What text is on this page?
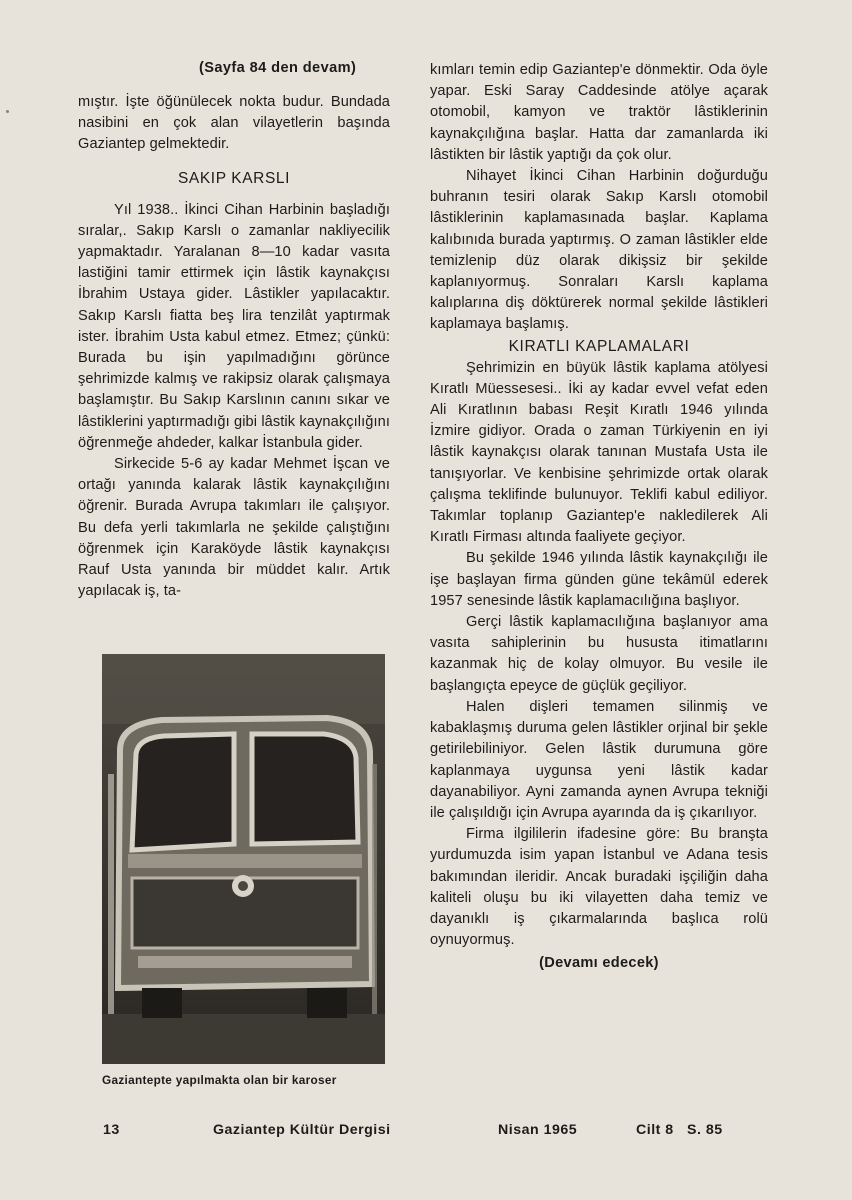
(Sayfa 84 den devam)

mıştır. İşte öğünülecek nokta budur. Bundada nasibini en çok alan vilayetlerin başında Gaziantep gelmektedir.

SAKIP KARSLI

Yıl 1938.. İkinci Cihan Harbinin başladığı sıralar,. Sakıp Karslı o zamanlar nakliyecilik yapmaktadır. Yaralanan 8—10 kadar vasıta lastiğini tamir ettirmek için lâstik kaynakçısı İbrahim Ustaya gider. Lâstikler yapılacaktır. Sakıp Karslı fiatta beş lira tenzilât yaptırmak ister. İbrahim Usta kabul etmez. Etmez; çünkü: Burada bu işin yapılmadığını görünce şehrimizde kalmış ve rakipsiz olarak çalışmaya başlamıştır. Bu Sakıp Karslının canını sıkar ve lâstiklerini yaptırmadığı gibi lâstik kaynakçılığını öğrenmeğe ahdeder, kalkar İstanbula gider.

Sirkecide 5-6 ay kadar Mehmet İşcan ve ortağı yanında kalarak lâstik kaynakçılığını öğrenir. Burada Avrupa takımları ile çalışıyor. Bu defa yerli takımlarla ne şekilde çalıştığını öğrenmek için Karaköyde lâstik kaynakçısı Rauf Usta yanında bir müddet kalır. Artık yapılacak iş, ta-

Gaziantepte yapılmakta olan bir karoser

kımları temin edip Gaziantep'e dönmektir. Oda öyle yapar. Eski Saray Caddesinde atölye açarak otomobil, kamyon ve traktör lâstiklerinin kaynakçılığına başlar. Hatta dar zamanlarda iki lâstikten bir lâstik yaptığı da çok olur.

Nihayet İkinci Cihan Harbinin doğurduğu buhranın tesiri olarak Sakıp Karslı otomobil lâstiklerinin kaplamasınada başlar. Kaplama kalıbınıda burada yaptırmış. O zaman lâstikler elde temizlenip düz olarak dikişsiz bir şekilde kaplanıyormuş. Sonraları Karslı kaplama kalıplarına diş döktürerek normal şekilde lâstikleri kaplamaya başlamış.

KIRATLI KAPLAMALARI

Şehrimizin en büyük lâstik kaplama atölyesi Kıratlı Müessesesi.. İki ay kadar evvel vefat eden Ali Kıratlının babası Reşit Kıratlı 1946 yılında İzmire gidiyor. Orada o zaman Türkiyenin en iyi lâstik kaynakçısı olarak tanınan Mustafa Usta ile tanışıyorlar. Ve kenbisine şehrimizde ortak olarak çalışma teklifinde bulunuyor. Teklifi kabul ediliyor. Takımlar toplanıp Gaziantep'e nakledilerek Ali Kıratlı Firması altında faaliyete geçiyor.

Bu şekilde 1946 yılında lâstik kaynakçılığı ile işe başlayan firma günden güne tekâmül ederek 1957 senesinde lâstik kaplamacılığına başlıyor.

Gerçi lâstik kaplamacılığına başlanıyor ama vasıta sahiplerinin bu hususta itimatlarını kazanmak hiç de kolay olmuyor. Bu vesile ile başlangıçta epeyce de güçlük geçiliyor.

Halen dişleri temamen silinmiş ve kabaklaşmış duruma gelen lâstikler orjinal bir şekle getirilebiliniyor. Gelen lâstik durumuna göre kaplanmaya uygunsa yeni lâstik kadar dayanabiliyor. Ayni zamanda aynen Avrupa tekniği ile çalışıldığı için Avrupa ayarında da iş çıkarılıyor.

Firma ilgililerin ifadesine göre: Bu branşta yurdumuzda isim yapan İstanbul ve Adana tesis bakımından ileridir. Ancak buradaki işçiliğin daha kaliteli oluşu bu iki vilayetten daha temiz ve dayanıklı iş çıkarmalarında başlıca rolü oynuyormuş.

(Devamı edecek)
13	Gaziantep Kültür Dergisi	Nisan 1965	Cilt 8   S. 85
